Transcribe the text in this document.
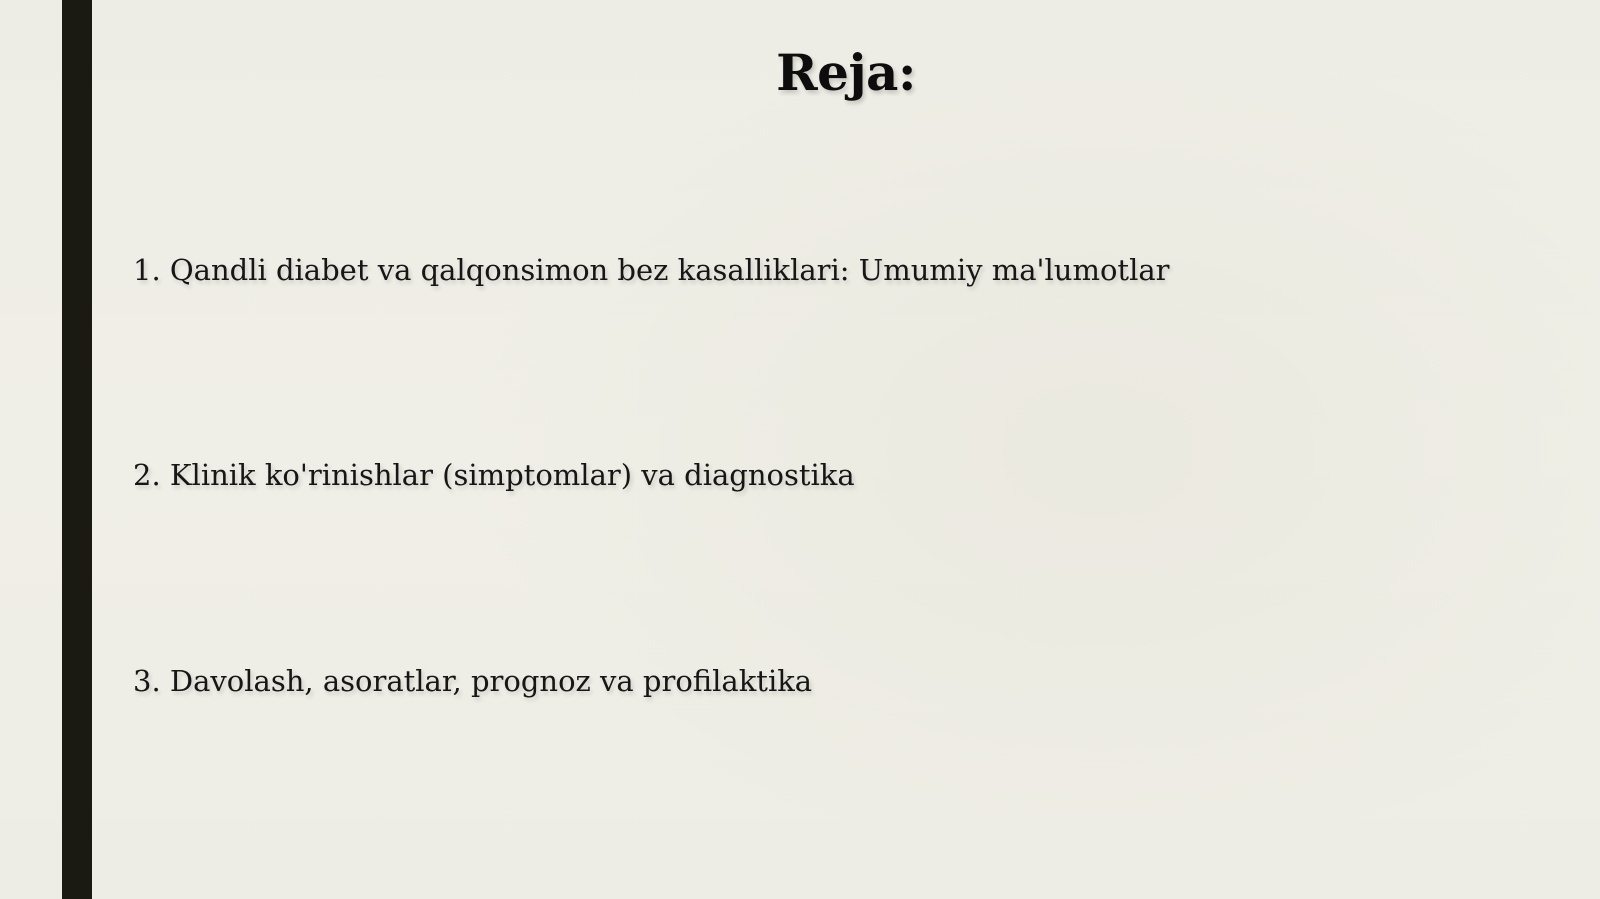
Reja:
1. Qandli diabet va qalqonsimon bez kasalliklari: Umumiy ma'lumotlar
2. Klinik ko'rinishlar (simptomlar) va diagnostika
3. Davolash, asoratlar, prognoz va profilaktika
